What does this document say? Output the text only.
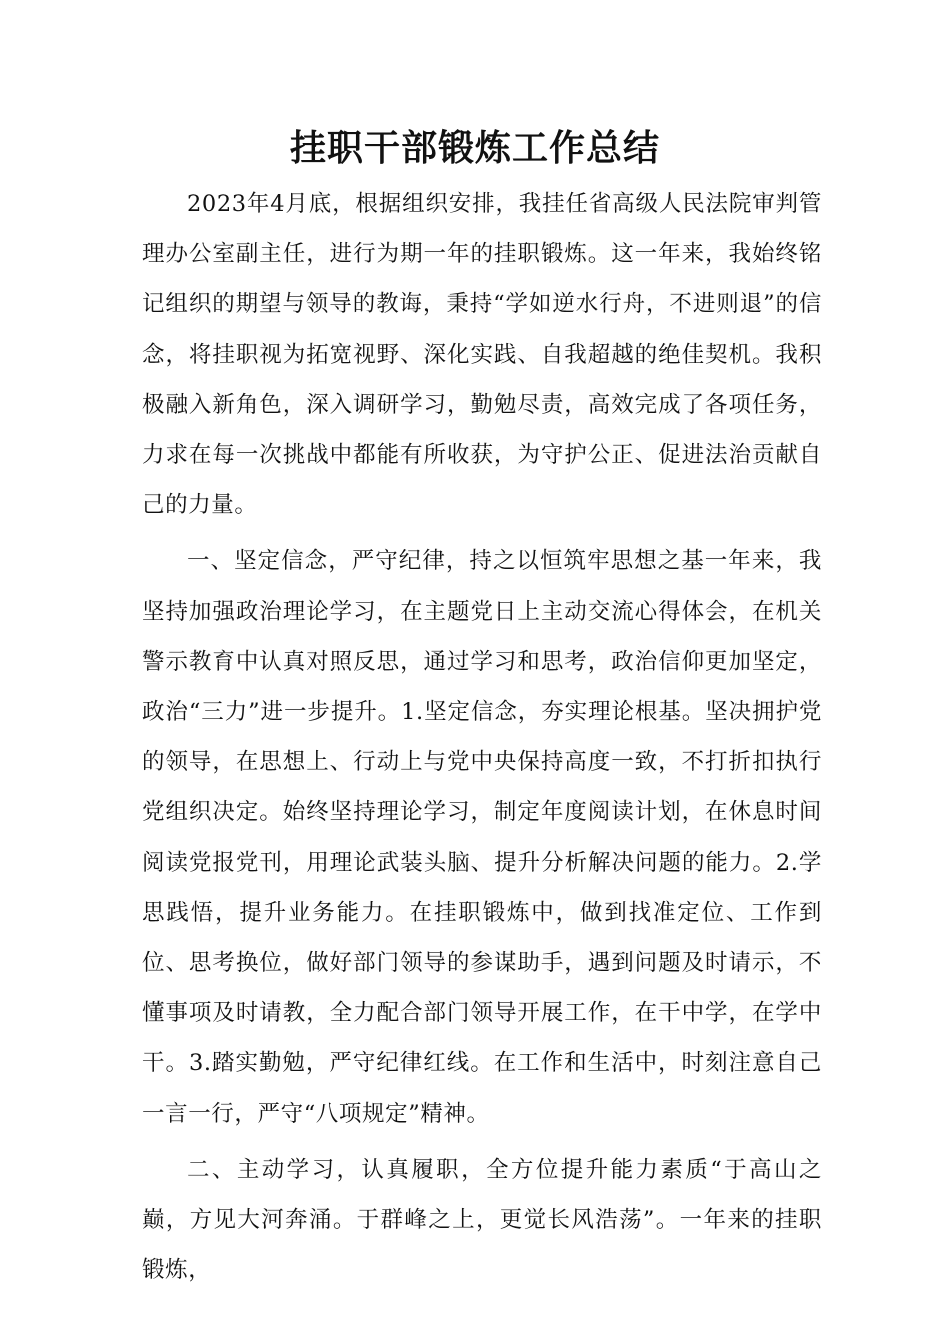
挂职干部锻炼工作总结

2023年4月底，根据组织安排，我挂任省高级人民法院审判管理办公室副主任，进行为期一年的挂职锻炼。这一年来，我始终铭记组织的期望与领导的教诲，秉持“学如逆水行舟，不进则退”的信念，将挂职视为拓宽视野、深化实践、自我超越的绝佳契机。我积极融入新角色，深入调研学习，勤勉尽责，高效完成了各项任务，力求在每一次挑战中都能有所收获，为守护公正、促进法治贡献自己的力量。

一、坚定信念，严守纪律，持之以恒筑牢思想之基一年来，我坚持加强政治理论学习，在主题党日上主动交流心得体会，在机关警示教育中认真对照反思，通过学习和思考，政治信仰更加坚定，政治“三力”进一步提升。1.坚定信念，夯实理论根基。坚决拥护党的领导，在思想上、行动上与党中央保持高度一致，不打折扣执行党组织决定。始终坚持理论学习，制定年度阅读计划，在休息时间阅读党报党刊，用理论武装头脑、提升分析解决问题的能力。2.学思践悟，提升业务能力。在挂职锻炼中，做到找准定位、工作到位、思考换位，做好部门领导的参谋助手，遇到问题及时请示，不懂事项及时请教，全力配合部门领导开展工作，在干中学，在学中干。3.踏实勤勉，严守纪律红线。在工作和生活中，时刻注意自己一言一行，严守“八项规定”精神。

二、主动学习，认真履职，全方位提升能力素质“于高山之巅，方见大河奔涌。于群峰之上，更觉长风浩荡”。一年来的挂职锻炼，
